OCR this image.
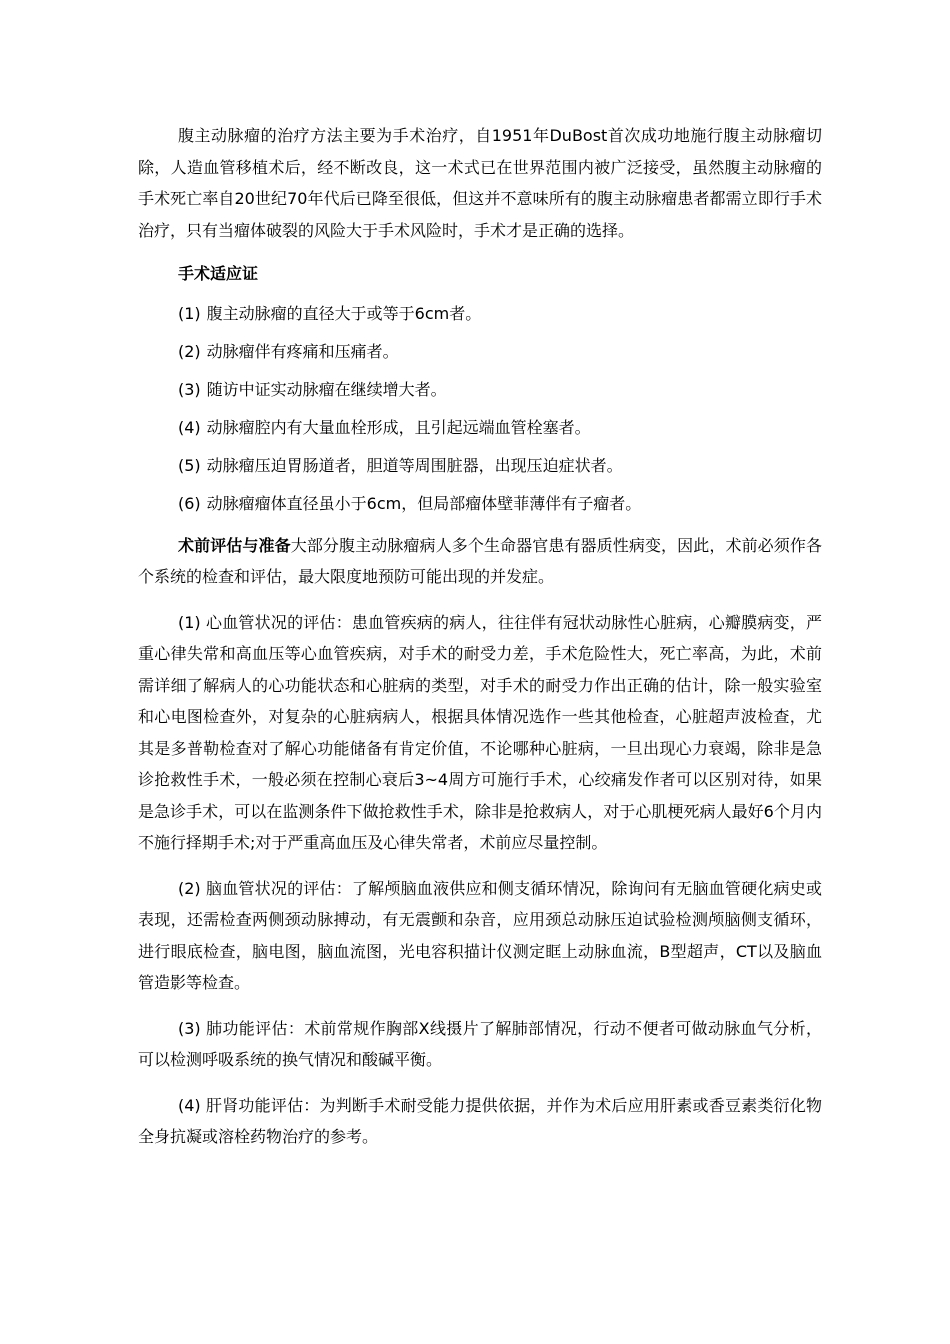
腹主动脉瘤的治疗方法主要为手术治疗，自1951年DuBost首次成功地施行腹主动脉瘤切除，人造血管移植术后，经不断改良，这一术式已在世界范围内被广泛接受，虽然腹主动脉瘤的手术死亡率自20世纪70年代后已降至很低，但这并不意味所有的腹主动脉瘤患者都需立即行手术治疗，只有当瘤体破裂的风险大于手术风险时，手术才是正确的选择。

手术适应证

(1) 腹主动脉瘤的直径大于或等于6cm者。

(2) 动脉瘤伴有疼痛和压痛者。

(3) 随访中证实动脉瘤在继续增大者。

(4) 动脉瘤腔内有大量血栓形成，且引起远端血管栓塞者。

(5) 动脉瘤压迫胃肠道者，胆道等周围脏器，出现压迫症状者。

(6) 动脉瘤瘤体直径虽小于6cm，但局部瘤体壁菲薄伴有子瘤者。

术前评估与准备大部分腹主动脉瘤病人多个生命器官患有器质性病变，因此，术前必须作各个系统的检查和评估，最大限度地预防可能出现的并发症。

(1) 心血管状况的评估：患血管疾病的病人，往往伴有冠状动脉性心脏病，心瓣膜病变，严重心律失常和高血压等心血管疾病，对手术的耐受力差，手术危险性大，死亡率高，为此，术前需详细了解病人的心功能状态和心脏病的类型，对手术的耐受力作出正确的估计，除一般实验室和心电图检查外，对复杂的心脏病病人，根据具体情况选作一些其他检查，心脏超声波检查，尤其是多普勒检查对了解心功能储备有肯定价值，不论哪种心脏病，一旦出现心力衰竭，除非是急诊抢救性手术，一般必须在控制心衰后3~4周方可施行手术，心绞痛发作者可以区别对待，如果是急诊手术，可以在监测条件下做抢救性手术，除非是抢救病人，对于心肌梗死病人最好6个月内不施行择期手术;对于严重高血压及心律失常者，术前应尽量控制。

(2) 脑血管状况的评估：了解颅脑血液供应和侧支循环情况，除询问有无脑血管硬化病史或表现，还需检查两侧颈动脉搏动，有无震颤和杂音，应用颈总动脉压迫试验检测颅脑侧支循环，进行眼底检查，脑电图，脑血流图，光电容积描计仪测定眶上动脉血流，B型超声，CT以及脑血管造影等检查。

(3) 肺功能评估：术前常规作胸部X线摄片了解肺部情况，行动不便者可做动脉血气分析，可以检测呼吸系统的换气情况和酸碱平衡。

(4) 肝肾功能评估：为判断手术耐受能力提供依据，并作为术后应用肝素或香豆素类衍化物全身抗凝或溶栓药物治疗的参考。
